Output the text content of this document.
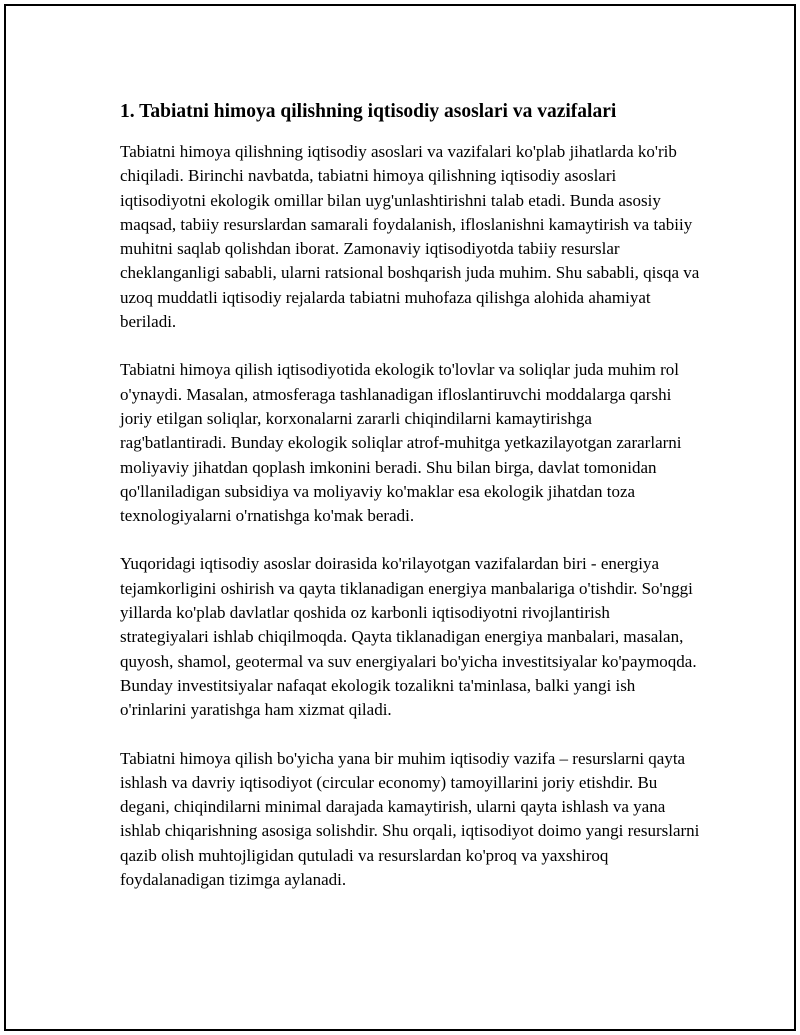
1. Tabiatni himoya qilishning iqtisodiy asoslari va vazifalari

Tabiatni himoya qilishning iqtisodiy asoslari va vazifalari ko'plab jihatlarda ko'rib chiqiladi. Birinchi navbatda, tabiatni himoya qilishning iqtisodiy asoslari iqtisodiyotni ekologik omillar bilan uyg'unlashtirishni talab etadi. Bunda asosiy maqsad, tabiiy resurslardan samarali foydalanish, ifloslanishni kamaytirish va tabiiy muhitni saqlab qolishdan iborat. Zamonaviy iqtisodiyotda tabiiy resurslar cheklanganligi sababli, ularni ratsional boshqarish juda muhim. Shu sababli, qisqa va uzoq muddatli iqtisodiy rejalarda tabiatni muhofaza qilishga alohida ahamiyat beriladi.

Tabiatni himoya qilish iqtisodiyotida ekologik to'lovlar va soliqlar juda muhim rol o'ynaydi. Masalan, atmosferaga tashlanadigan ifloslantiruvchi moddalarga qarshi joriy etilgan soliqlar, korxonalarni zararli chiqindilarni kamaytirishga rag'batlantiradi. Bunday ekologik soliqlar atrof-muhitga yetkazilayotgan zararlarni moliyaviy jihatdan qoplash imkonini beradi. Shu bilan birga, davlat tomonidan qo'llaniladigan subsidiya va moliyaviy ko'maklar esa ekologik jihatdan toza texnologiyalarni o'rnatishga ko'mak beradi.

Yuqoridagi iqtisodiy asoslar doirasida ko'rilayotgan vazifalardan biri - energiya tejamkorligini oshirish va qayta tiklanadigan energiya manbalariga o'tishdir. So'nggi yillarda ko'plab davlatlar qoshida oz karbonli iqtisodiyotni rivojlantirish strategiyalari ishlab chiqilmoqda. Qayta tiklanadigan energiya manbalari, masalan, quyosh, shamol, geotermal va suv energiyalari bo'yicha investitsiyalar ko'paymoqda. Bunday investitsiyalar nafaqat ekologik tozalikni ta'minlasa, balki yangi ish o'rinlarini yaratishga ham xizmat qiladi.

Tabiatni himoya qilish bo'yicha yana bir muhim iqtisodiy vazifa – resurslarni qayta ishlash va davriy iqtisodiyot (circular economy) tamoyillarini joriy etishdir. Bu degani, chiqindilarni minimal darajada kamaytirish, ularni qayta ishlash va yana ishlab chiqarishning asosiga solishdir. Shu orqali, iqtisodiyot doimo yangi resurslarni qazib olish muhtojligidan qutuladi va resurslardan ko'proq va yaxshiroq foydalanadigan tizimga aylanadi.
